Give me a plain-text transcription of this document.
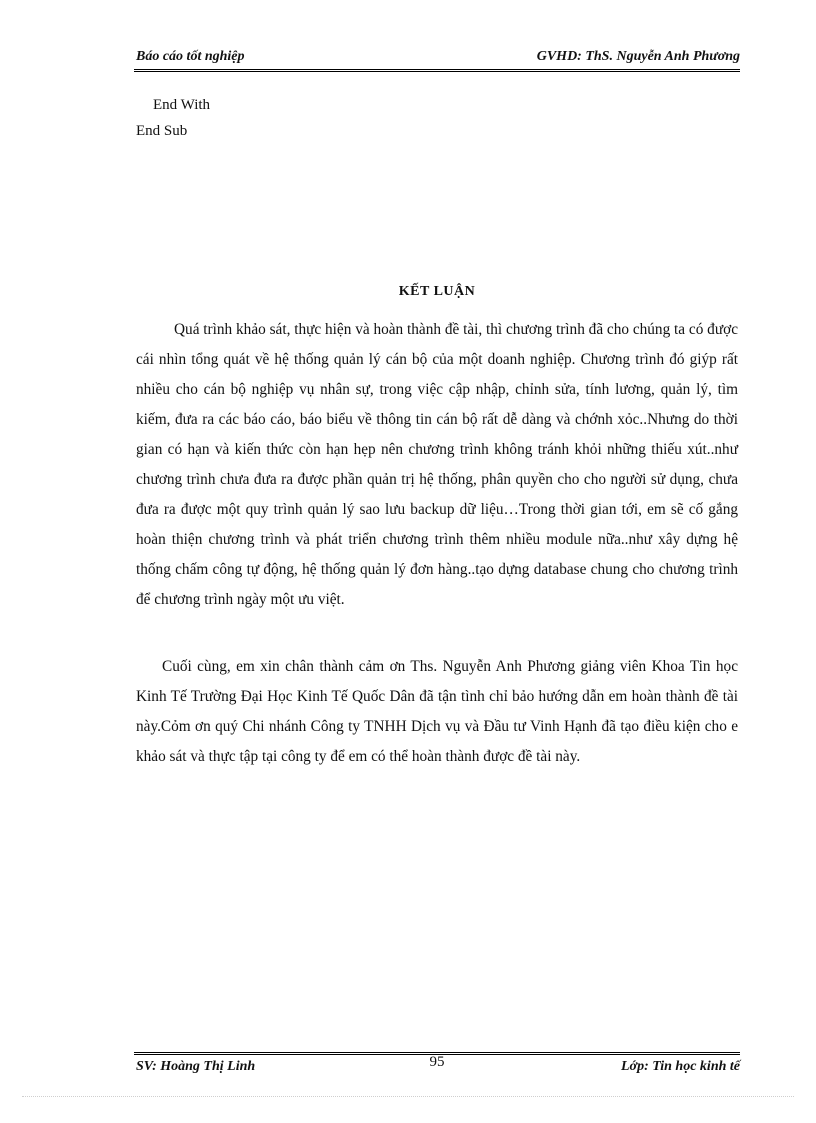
Báo cáo tốt nghiệp	GVHD: ThS. Nguyễn Anh Phương
End With
End Sub
KẾT LUẬN

Quá trình khảo sát, thực hiện và hoàn thành đề tài, thì chương trình đã cho chúng ta có được cái nhìn tổng quát về hệ thống quản lý cán bộ của một doanh nghiệp. Chương trình đó giýp rất nhiều cho cán bộ nghiệp vụ nhân sự, trong việc cập nhập, chỉnh sửa, tính lương, quản lý, tìm kiếm, đưa ra các báo cáo, báo biểu về thông tin cán bộ rất dễ dàng và chớnh xỏc..Nhưng do thời gian có hạn và kiến thức còn hạn hẹp nên chương trình không tránh khỏi những thiếu xút..như chương trình chưa đưa ra được phần quản trị hệ thống, phân quyền cho cho người sử dụng, chưa đưa ra được một quy trình quản lý sao lưu backup dữ liệu…Trong thời gian tới, em sẽ cố gắng hoàn thiện chương trình và phát triển chương trình thêm nhiều module nữa..như xây dựng hệ thống chấm công tự động, hệ thống quản lý đơn hàng..tạo dựng database chung cho chương trình để chương trình ngày một ưu việt.

Cuối cùng, em xin chân thành cảm ơn Ths. Nguyễn Anh Phương giảng viên Khoa Tin học Kinh Tế Trường Đại Học Kinh Tế Quốc Dân đã tận tình chỉ bảo hướng dẫn em hoàn thành đề tài này.Cỏm ơn quý Chi nhánh Công ty TNHH Dịch vụ và Đầu tư Vinh Hạnh đã tạo điều kiện cho e khảo sát và thực tập tại công ty để em có thể hoàn thành được đề tài này.

SV: Hoàng Thị Linh	95	Lớp: Tin học kinh tế
